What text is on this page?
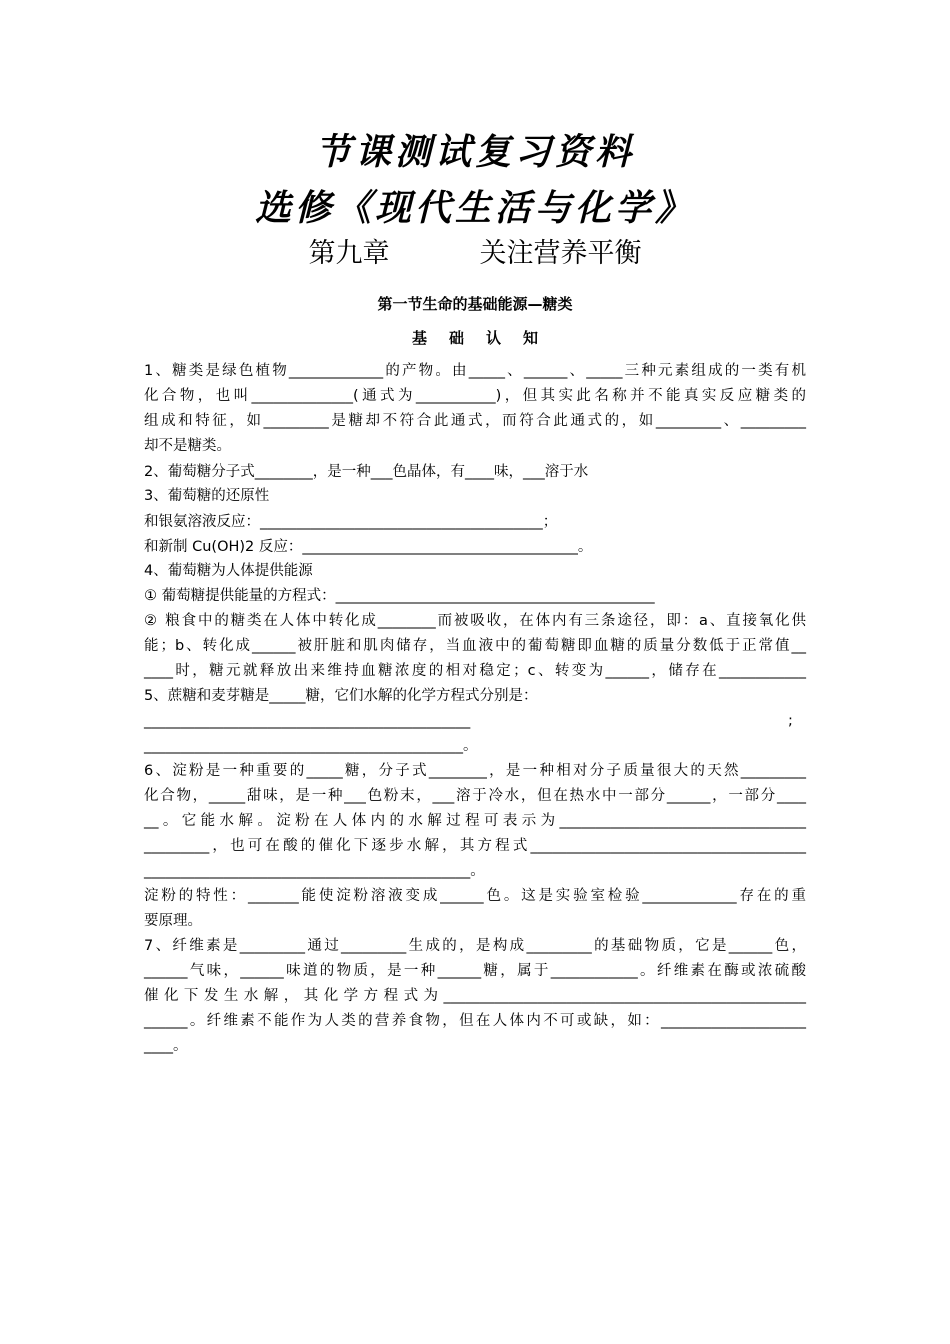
节课测试复习资料
选修《现代生活与化学》
第九章	关注营养平衡
第一节生命的基础能源—糖类
基础认知
1、糖类是绿色植物_____________的产物。由_____、______、_____三种元素组成的一类有机
化合物，也叫______________(通式为___________)，但其实此名称并不能真实反应糖类的
组成和特征，如_________是糖却不符合此通式，而符合此通式的，如_________、_________
却不是糖类。
2、葡萄糖分子式________，是一种___色晶体，有____味，___溶于水
3、葡萄糖的还原性
和银氨溶液反应：_______________________________________；
和新制 Cu(OH)2 反应：______________________________________。
4、葡萄糖为人体提供能源
① 葡萄糖提供能量的方程式：____________________________________________
② 粮食中的糖类在人体中转化成________而被吸收，在体内有三条途径，即：a、直接氧化供
能；b、转化成______被肝脏和肌肉储存，当血液中的葡萄糖即血糖的质量分数低于正常值__
____时，糖元就释放出来维持血糖浓度的相对稳定；c、转变为______，储存在____________
5、蔗糖和麦芽糖是_____糖，它们水解的化学方程式分别是：
_____________________________________________	;
____________________________________________。
6、淀粉是一种重要的_____糖，分子式________，是一种相对分子质量很大的天然_________
化合物，_____甜味，是一种___色粉末，___溶于冷水，但在热水中一部分______，一部分____
__。它能水解。淀粉在人体内的水解过程可表示为__________________________________
_________，也可在酸的催化下逐步水解，其方程式______________________________________
_____________________________________________。
淀粉的特性：_______能使淀粉溶液变成______色。这是实验室检验_____________存在的重
要原理。
7、纤维素是_________通过_________生成的，是构成_________的基础物质，它是______色，
______气味，______味道的物质，是一种______糖，属于____________。纤维素在酶或浓硫酸
催化下发生水解，其化学方程式为__________________________________________________
______。纤维素不能作为人类的营养食物，但在人体内不可或缺，如：____________________
____。
